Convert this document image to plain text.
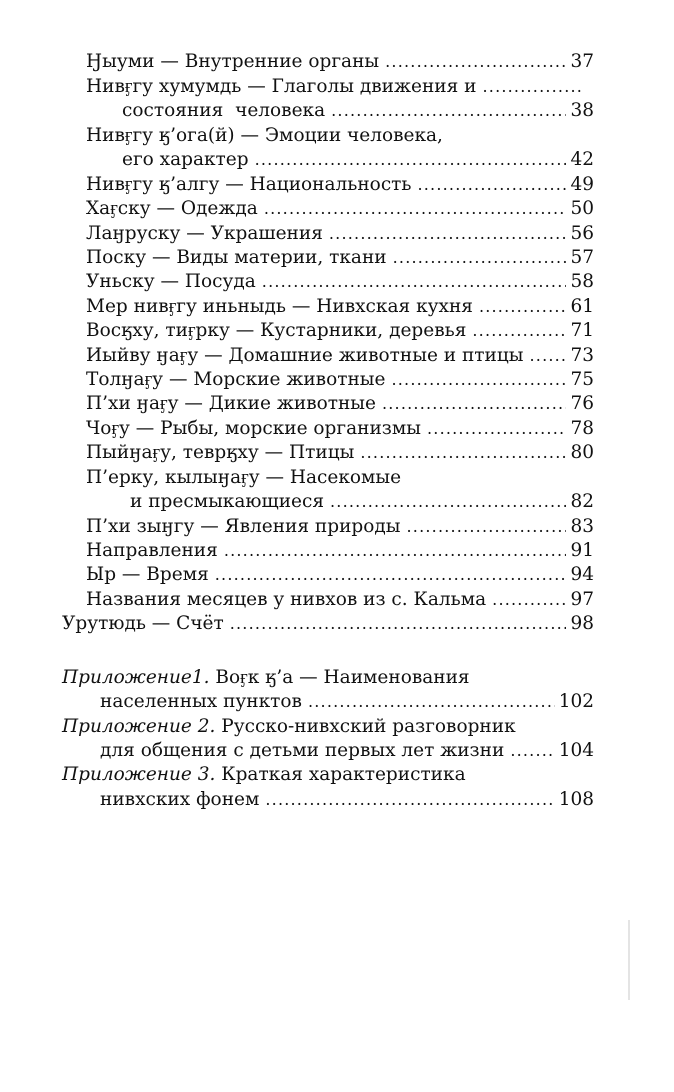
Ӈыуми — Внутренние органы .....	37
Нивӻгу хумумдь — Глаголы движения и
.....
состояния человека .....	38
Нивӻгу ӄ’ога(й) — Эмоции человека,
его характер .....	42
Нивӻгу ӄ’алгу — Национальность .....	49
Хаӻску — Одежда .....	50
Лаӈруску — Украшения .....	56
Поску — Виды материи, ткани .....	57
Уньску — Посуда .....	58
Мер нивӻгу иньныдь — Нивхская кухня .....	61
Восӄху, тиӻрку — Кустарники, деревья .....	71
Иыйву ӈаӻу — Домашние животные и птицы .....	73
Толӈаӻу — Морские животные .....	75
П’хи ӈаӻу — Дикие животные .....	76
Чоӻу — Рыбы, морские организмы .....	78
Пыйӈаӻу, теврӄху — Птицы .....	80
П’ерку, кылыӈаӻу — Насекомые
и пресмыкающиеся .....	82
П’хи зыӈгу — Явления природы .....	83
Направления .....	91
Ыр — Время .....	94
Названия месяцев у нивхов из с. Кальма .....	97
Урутюдь — Счёт .....	98
Приложение1. Воӻк ӄ’а — Наименования
населенных пунктов .....	102
Приложение 2. Русско-нивхский разговорник
для общения с детьми первых лет жизни .....	104
Приложение 3. Краткая характеристика
нивхских фонем .....	108
